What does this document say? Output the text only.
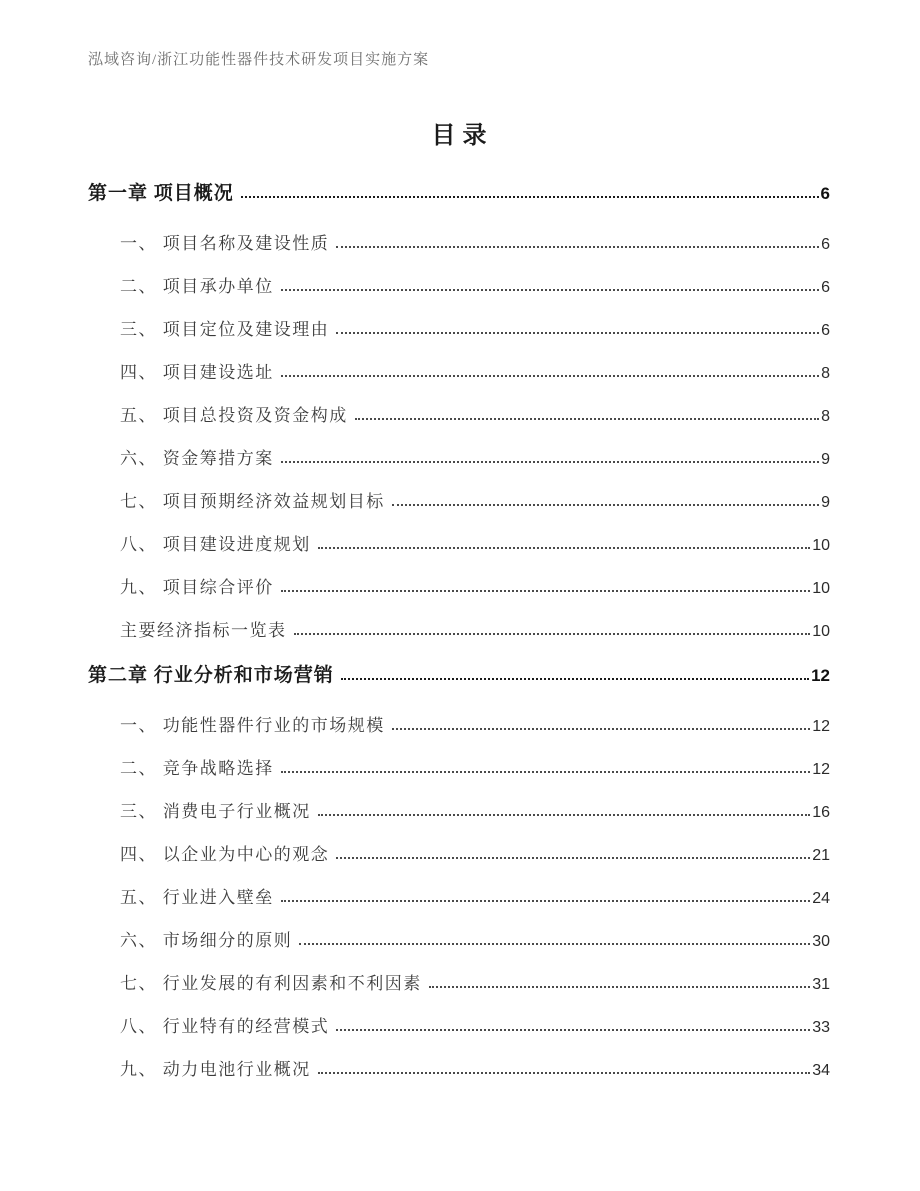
泓域咨询/浙江功能性器件技术研发项目实施方案
目录
第一章 项目概况	6
一、 项目名称及建设性质	6
二、 项目承办单位	6
三、 项目定位及建设理由	6
四、 项目建设选址	8
五、 项目总投资及资金构成	8
六、 资金筹措方案	9
七、 项目预期经济效益规划目标	9
八、 项目建设进度规划	10
九、 项目综合评价	10
主要经济指标一览表	10
第二章 行业分析和市场营销	12
一、 功能性器件行业的市场规模	12
二、 竞争战略选择	12
三、 消费电子行业概况	16
四、 以企业为中心的观念	21
五、 行业进入壁垒	24
六、 市场细分的原则	30
七、 行业发展的有利因素和不利因素	31
八、 行业特有的经营模式	33
九、 动力电池行业概况	34
